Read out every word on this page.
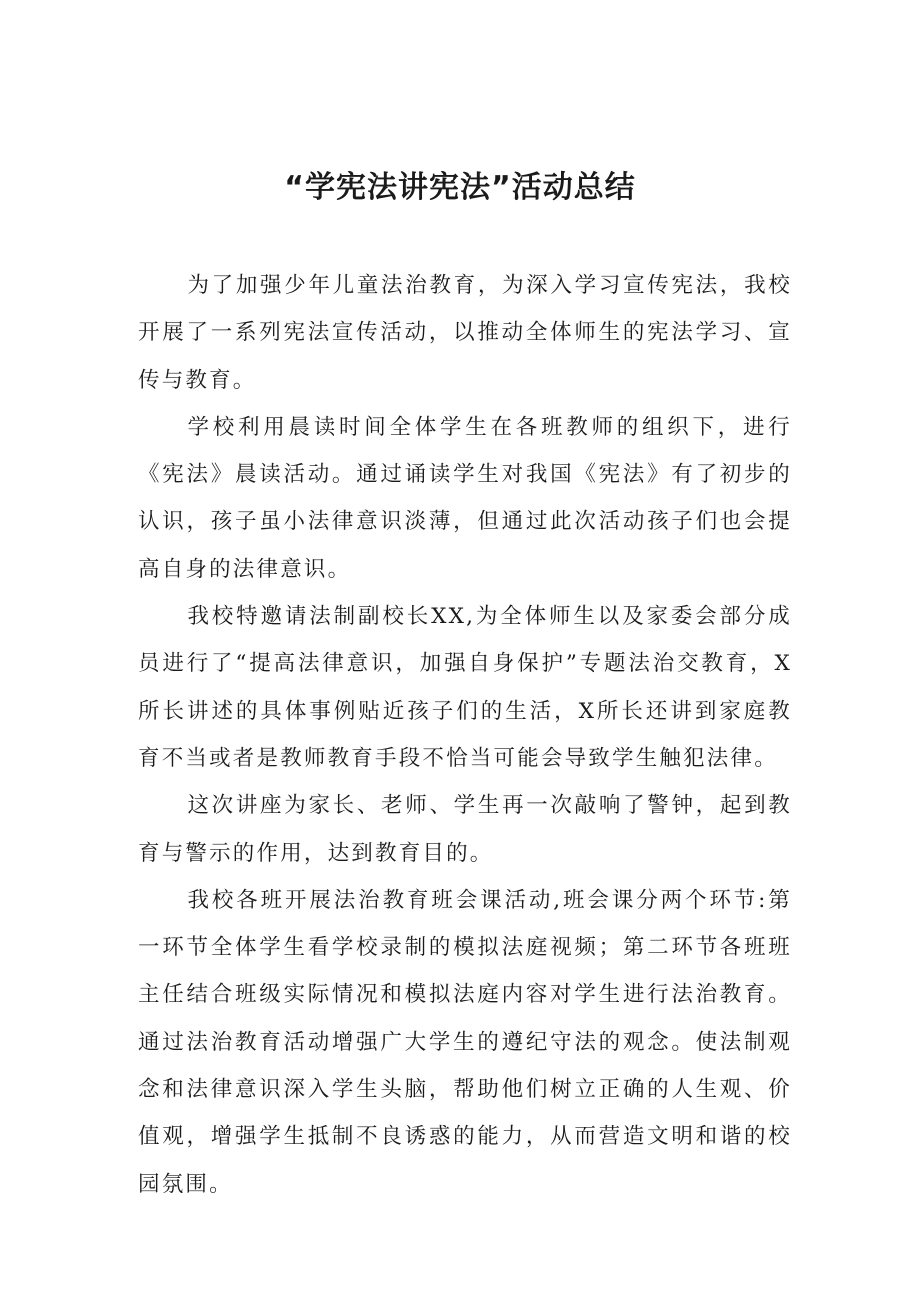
“学宪法讲宪法”活动总结

为了加强少年儿童法治教育，为深入学习宣传宪法，我校开展了一系列宪法宣传活动，以推动全体师生的宪法学习、宣传与教育。

学校利用晨读时间全体学生在各班教师的组织下，进行《宪法》晨读活动。通过诵读学生对我国《宪法》有了初步的认识，孩子虽小法律意识淡薄，但通过此次活动孩子们也会提高自身的法律意识。

我校特邀请法制副校长XX,为全体师生以及家委会部分成员进行了“提高法律意识，加强自身保护”专题法治交教育，X所长讲述的具体事例贴近孩子们的生活，X所长还讲到家庭教育不当或者是教师教育手段不恰当可能会导致学生触犯法律。

这次讲座为家长、老师、学生再一次敲响了警钟，起到教育与警示的作用，达到教育目的。

我校各班开展法治教育班会课活动,班会课分两个环节:第一环节全体学生看学校录制的模拟法庭视频；第二环节各班班主任结合班级实际情况和模拟法庭内容对学生进行法治教育。通过法治教育活动增强广大学生的遵纪守法的观念。使法制观念和法律意识深入学生头脑，帮助他们树立正确的人生观、价值观，增强学生抵制不良诱惑的能力，从而营造文明和谐的校园氛围。
